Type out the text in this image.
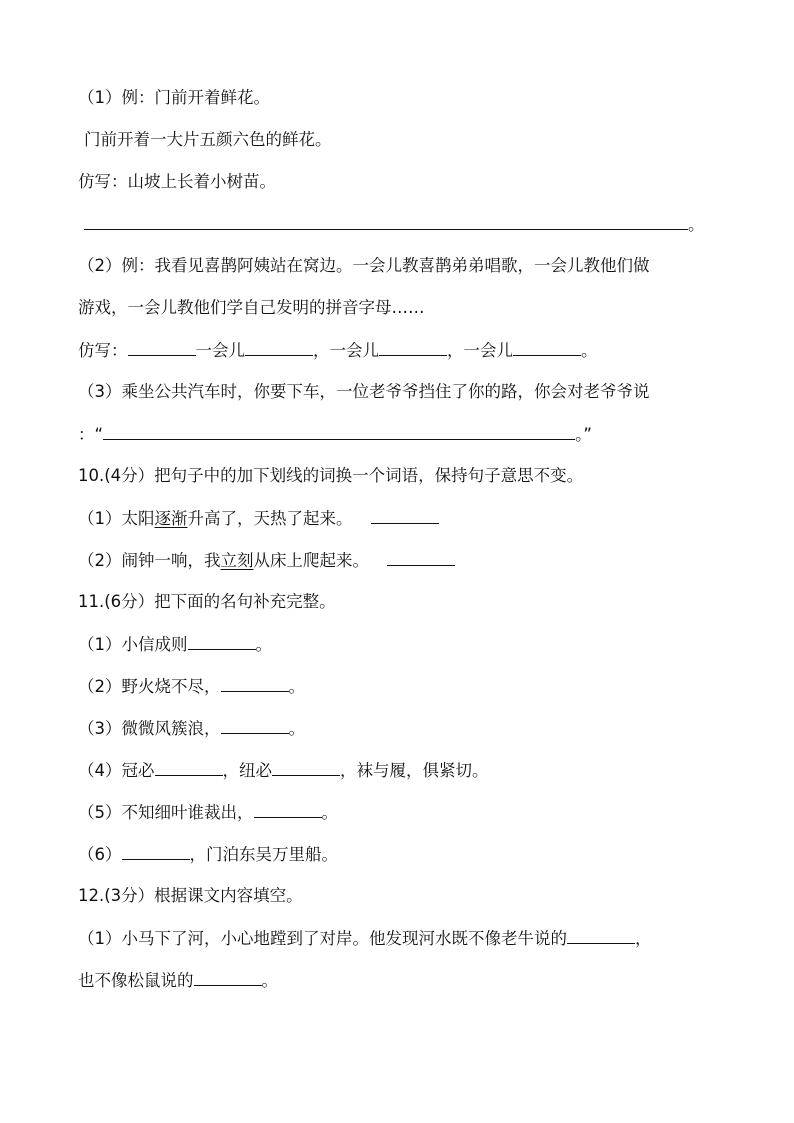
（1）例：门前开着鲜花。
门前开着一大片五颜六色的鲜花。
仿写：山坡上长着小树苗。
。
（2）例：我看见喜鹊阿姨站在窝边。一会儿教喜鹊弟弟唱歌，一会儿教他们做
游戏，一会儿教他们学自己发明的拼音字母……
仿写：	一会儿	，一会儿	，一会儿	。
（3）乘坐公共汽车时，你要下车，一位老爷爷挡住了你的路，你会对老爷爷说
：“	。”
10.(4分）把句子中的加下划线的词换一个词语，保持句子意思不变。
（1）太阳逐渐升高了，天热了起来。
（2）闹钟一响，我立刻从床上爬起来。
11.(6分）把下面的名句补充完整。
（1）小信成则	。
（2）野火烧不尽，	。
（3）微微风簇浪，	。
（4）冠必	，纽必	，袜与履，俱紧切。
（5）不知细叶谁裁出，	。
（6）	，门泊东吴万里船。
12.(3分）根据课文内容填空。
（1）小马下了河，小心地蹚到了对岸。他发现河水既不像老牛说的	，
也不像松鼠说的	。
